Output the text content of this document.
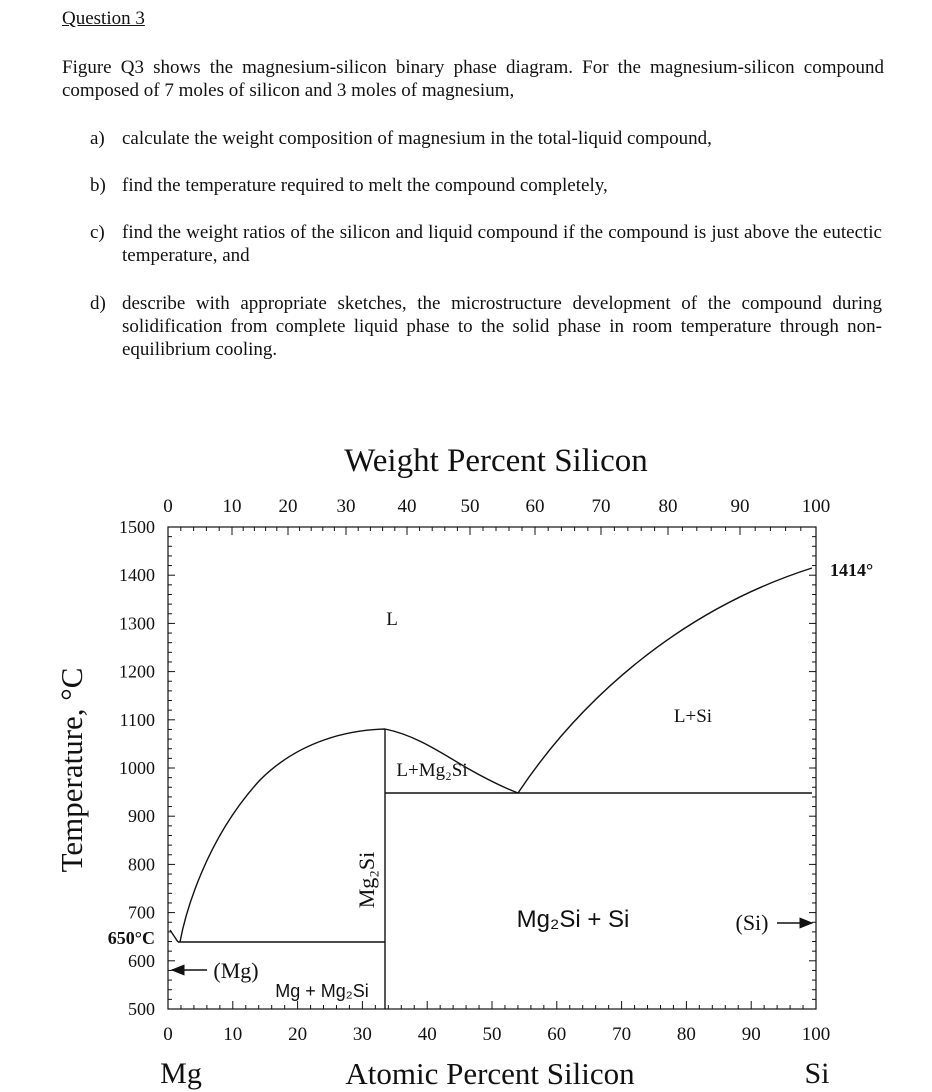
Question 3
Figure Q3 shows the magnesium-silicon binary phase diagram. For the magnesium-silicon compound composed of 7 moles of silicon and 3 moles of magnesium,
a) calculate the weight composition of magnesium in the total-liquid compound,
b) find the temperature required to melt the compound completely,
c) find the weight ratios of the silicon and liquid compound if the compound is just above the eutectic temperature, and
d) describe with appropriate sketches, the microstructure development of the compound during solidification from complete liquid phase to the solid phase in room temperature through non-equilibrium cooling.
Weight Percent Silicon
Atomic Percent Silicon
Temperature, °C
Mg	Si
0	10 20 30 40 50 60 70	80	90	100
0	10 20 30 40 50 60 70 80 90 100
1500
1400
1300
1200
1100
1000
900
800
700
600
500
L
L+Si
L+Mg₂Si
Mg₂Si
Mg₂Si + Si	(Si)
(Mg)
Mg + Mg₂Si
650°C
1414°
